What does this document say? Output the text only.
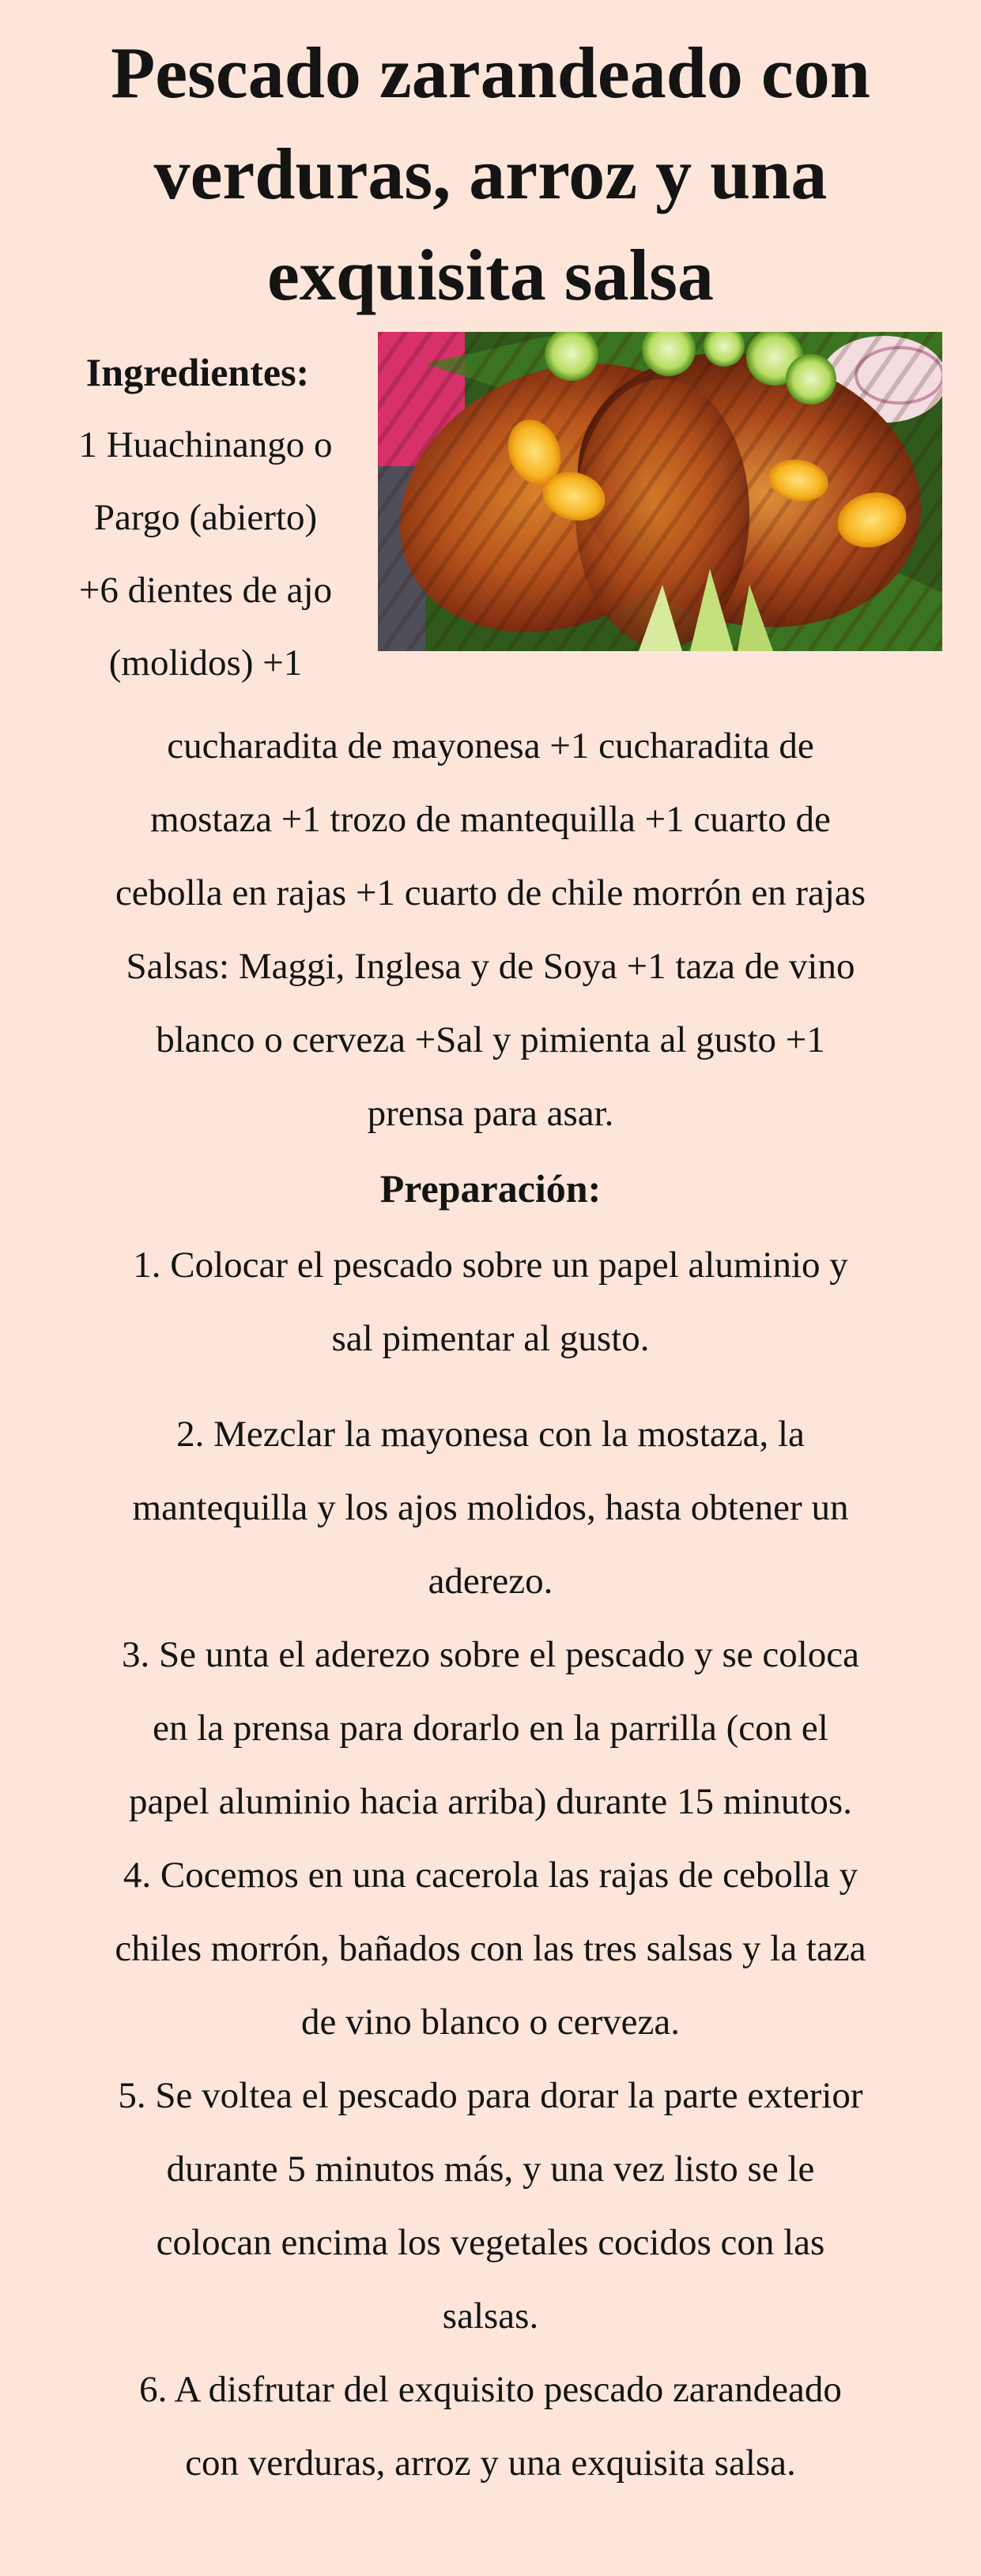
Pescado zarandeado con
verduras, arroz y una
exquisita salsa
Ingredientes:
1 Huachinango o
Pargo (abierto)
+6 dientes de ajo
(molidos) +1
cucharadita de mayonesa +1 cucharadita de
mostaza +1 trozo de mantequilla +1 cuarto de
cebolla en rajas +1 cuarto de chile morrón en rajas
Salsas: Maggi, Inglesa y de Soya +1 taza de vino
blanco o cerveza +Sal y pimienta al gusto +1
prensa para asar.
Preparación:
1. Colocar el pescado sobre un papel aluminio y
sal pimentar al gusto.
2. Mezclar la mayonesa con la mostaza, la
mantequilla y los ajos molidos, hasta obtener un
aderezo.
3. Se unta el aderezo sobre el pescado y se coloca
en la prensa para dorarlo en la parrilla (con el
papel aluminio hacia arriba) durante 15 minutos.
4. Cocemos en una cacerola las rajas de cebolla y
chiles morrón, bañados con las tres salsas y la taza
de vino blanco o cerveza.
5. Se voltea el pescado para dorar la parte exterior
durante 5 minutos más, y una vez listo se le
colocan encima los vegetales cocidos con las
salsas.
6. A disfrutar del exquisito pescado zarandeado
con verduras, arroz y una exquisita salsa.
